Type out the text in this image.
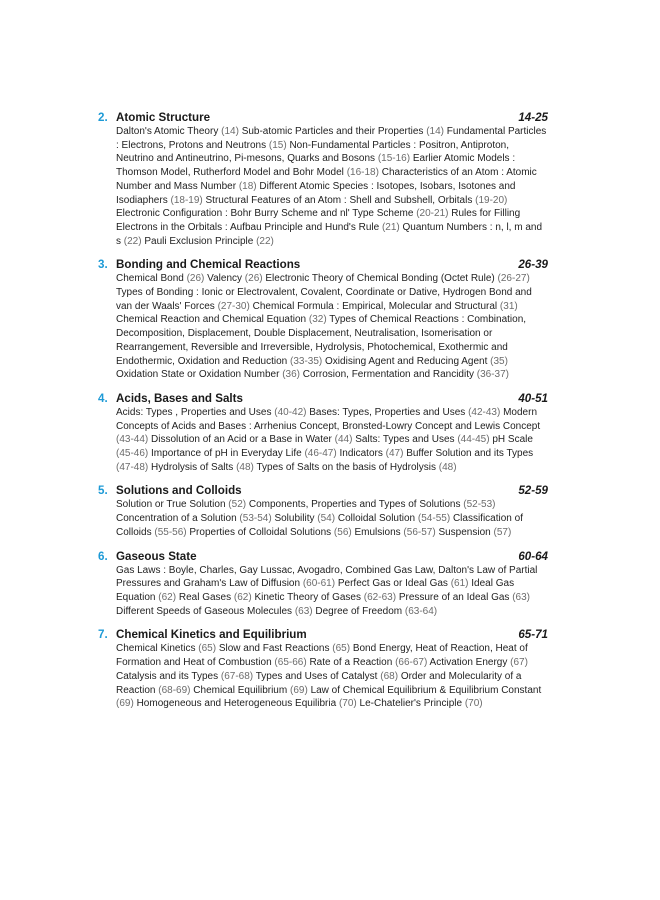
2. Atomic Structure	14-25
Dalton's Atomic Theory (14) Sub-atomic Particles and their Properties (14) Fundamental Particles : Electrons, Protons and Neutrons (15) Non-Fundamental Particles : Positron, Antiproton, Neutrino and Antineutrino, Pi-mesons, Quarks and Bosons (15-16) Earlier Atomic Models : Thomson Model, Rutherford Model and Bohr Model (16-18) Characteristics of an Atom : Atomic Number and Mass Number (18) Different Atomic Species : Isotopes, Isobars, Isotones and Isodiaphers (18-19) Structural Features of an Atom : Shell and Subshell, Orbitals (19-20) Electronic Configuration : Bohr Burry Scheme and nl' Type Scheme (20-21) Rules for Filling Electrons in the Orbitals : Aufbau Principle and Hund's Rule (21) Quantum Numbers : n, l, m and s (22) Pauli Exclusion Principle (22)
3. Bonding and Chemical Reactions	26-39
Chemical Bond (26) Valency (26) Electronic Theory of Chemical Bonding (Octet Rule) (26-27) Types of Bonding : Ionic or Electrovalent, Covalent, Coordinate or Dative, Hydrogen Bond and van der Waals' Forces (27-30) Chemical Formula : Empirical, Molecular and Structural (31) Chemical Reaction and Chemical Equation (32) Types of Chemical Reactions : Combination, Decomposition, Displacement, Double Displacement, Neutralisation, Isomerisation or Rearrangement, Reversible and Irreversible, Hydrolysis, Photochemical, Exothermic and Endothermic, Oxidation and Reduction (33-35) Oxidising Agent and Reducing Agent (35) Oxidation State or Oxidation Number (36) Corrosion, Fermentation and Rancidity (36-37)
4. Acids, Bases and Salts	40-51
Acids: Types , Properties and Uses (40-42) Bases: Types, Properties and Uses (42-43) Modern Concepts of Acids and Bases : Arrhenius Concept, Bronsted-Lowry Concept and Lewis Concept (43-44) Dissolution of an Acid or a Base in Water (44) Salts: Types and Uses (44-45) pH Scale (45-46) Importance of pH in Everyday Life (46-47) Indicators (47) Buffer Solution and its Types (47-48) Hydrolysis of Salts (48) Types of Salts on the basis of Hydrolysis (48)
5. Solutions and Colloids	52-59
Solution or True Solution (52) Components, Properties and Types of Solutions (52-53) Concentration of a Solution (53-54) Solubility (54) Colloidal Solution (54-55) Classification of Colloids (55-56) Properties of Colloidal Solutions (56) Emulsions (56-57) Suspension (57)
6. Gaseous State	60-64
Gas Laws : Boyle, Charles, Gay Lussac, Avogadro, Combined Gas Law, Dalton's Law of Partial Pressures and Graham's Law of Diffusion (60-61) Perfect Gas or Ideal Gas (61) Ideal Gas Equation (62) Real Gases (62) Kinetic Theory of Gases (62-63) Pressure of an Ideal Gas (63) Different Speeds of Gaseous Molecules (63) Degree of Freedom (63-64)
7. Chemical Kinetics and Equilibrium	65-71
Chemical Kinetics (65) Slow and Fast Reactions (65) Bond Energy, Heat of Reaction, Heat of Formation and Heat of Combustion (65-66) Rate of a Reaction (66-67) Activation Energy (67) Catalysis and its Types (67-68) Types and Uses of Catalyst (68) Order and Molecularity of a Reaction (68-69) Chemical Equilibrium (69) Law of Chemical Equilibrium & Equilibrium Constant (69) Homogeneous and Heterogeneous Equilibria (70) Le-Chatelier's Principle (70)
